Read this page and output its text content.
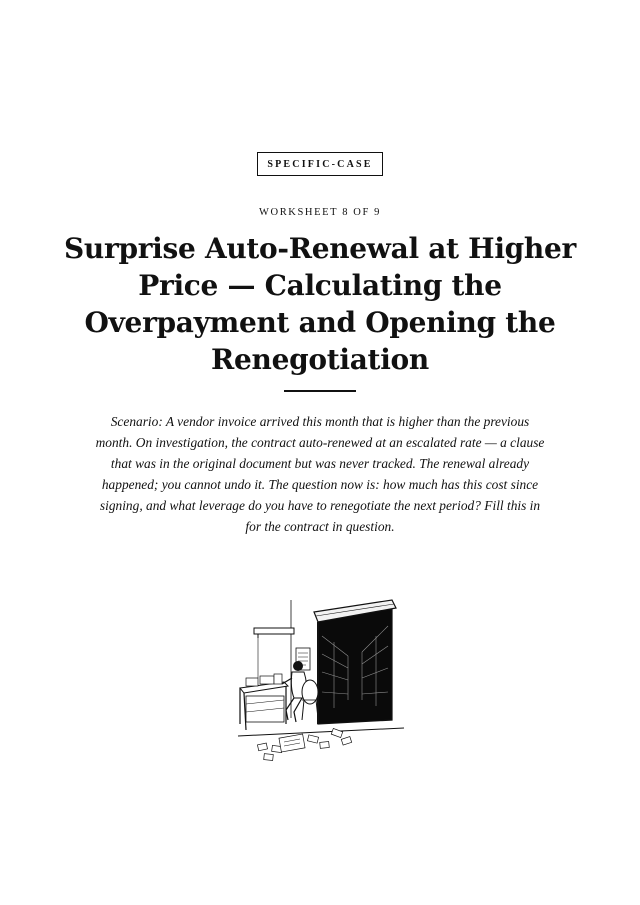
SPECIFIC-CASE
WORKSHEET 8 OF 9
Surprise Auto-Renewal at Higher Price — Calculating the Overpayment and Opening the Renegotiation

Scenario: A vendor invoice arrived this month that is higher than the previous month. On investigation, the contract auto-renewed at an escalated rate — a clause that was in the original document but was never tracked. The renewal already happened; you cannot undo it. The question now is: how much has this cost since signing, and what leverage do you have to renegotiate the next period? Fill this in for the contract in question.
